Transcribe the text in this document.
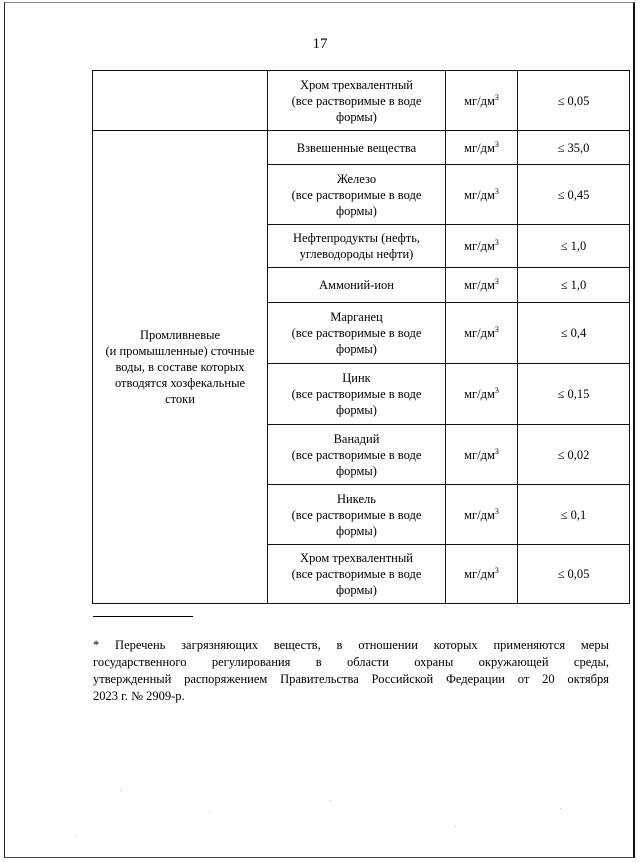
17
	Хром трехвалентный
(все растворимые в воде
формы)	$мг/дм^3$	≤ 0,05
Промливневые
(и промышленные) сточные
воды, в составе которых
отводятся хозфекальные
стоки	Взвешенные вещества	$мг/дм^3$	≤ 35,0
	Железо
(все растворимые в воде
формы)	$мг/дм^3$	≤ 0,45
	Нефтепродукты (нефть,
углеводороды нефти)	$мг/дм^3$	≤ 1,0
	Аммоний-ион	$мг/дм^3$	≤ 1,0
	Марганец
(все растворимые в воде
формы)	$мг/дм^3$	≤ 0,4
	Цинк
(все растворимые в воде
формы)	$мг/дм^3$	≤ 0,15
	Ванадий
(все растворимые в воде
формы)	$мг/дм^3$	≤ 0,02
	Никель
(все растворимые в воде
формы)	$мг/дм^3$	≤ 0,1
	Хром трехвалентный
(все растворимые в воде
формы)	$мг/дм^3$	≤ 0,05
* Перечень загрязняющих веществ, в отношении которых применяются меры
государственного регулирования в области охраны окружающей среды,
утвержденный распоряжением Правительства Российской Федерации от 20 октября
2023 г. № 2909-р.
